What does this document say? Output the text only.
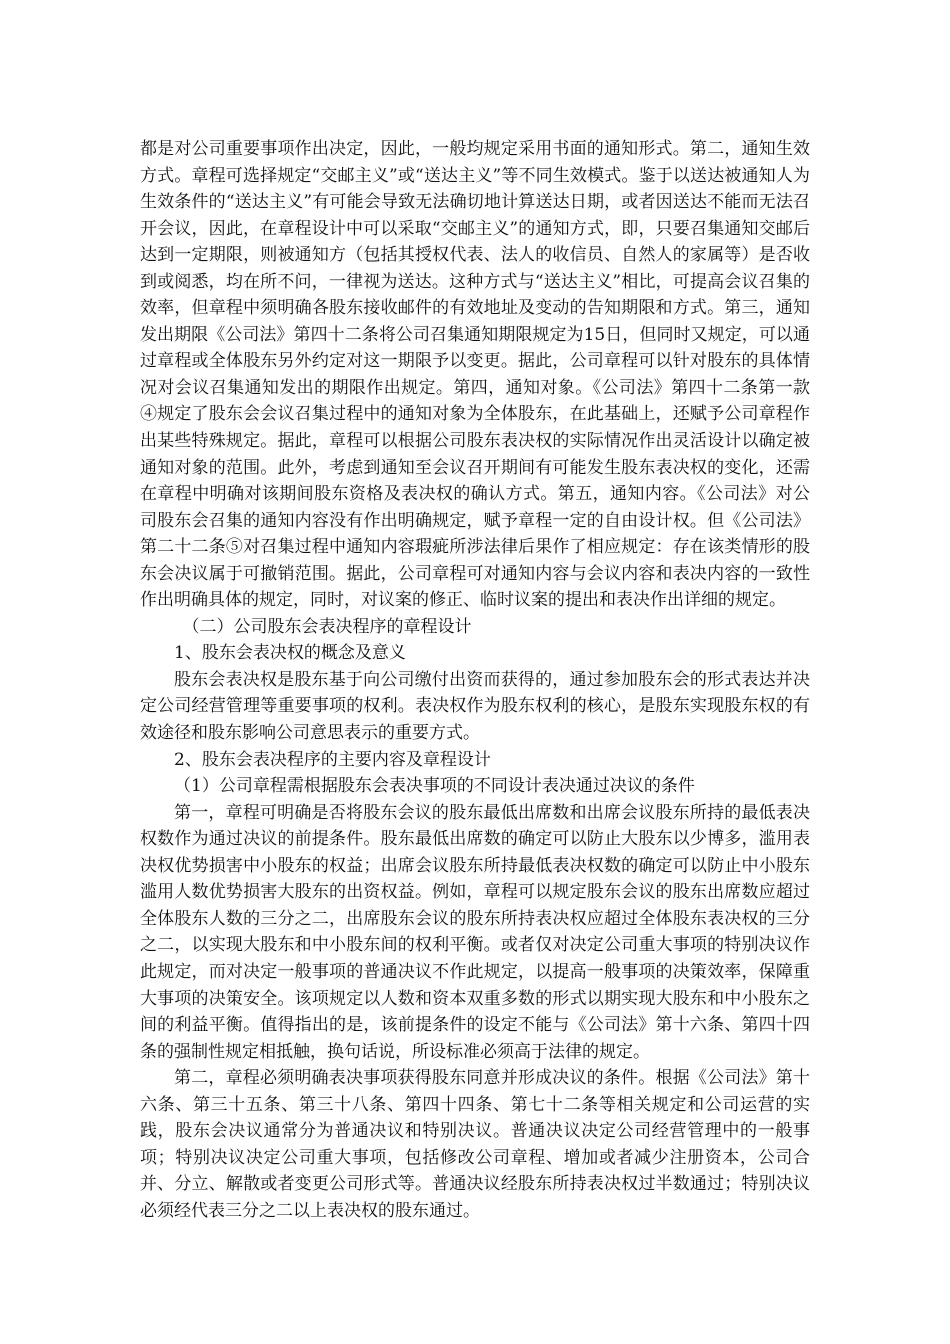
都是对公司重要事项作出决定，因此，一般均规定采用书面的通知形式。第二，通知生效方式。章程可选择规定“交邮主义”或“送达主义”等不同生效模式。鉴于以送达被通知人为生效条件的“送达主义”有可能会导致无法确切地计算送达日期，或者因送达不能而无法召开会议，因此，在章程设计中可以采取“交邮主义”的通知方式，即，只要召集通知交邮后达到一定期限，则被通知方（包括其授权代表、法人的收信员、自然人的家属等）是否收到或阅悉，均在所不问，一律视为送达。这种方式与“送达主义”相比，可提高会议召集的效率，但章程中须明确各股东接收邮件的有效地址及变动的告知期限和方式。第三，通知发出期限《公司法》第四十二条将公司召集通知期限规定为15日，但同时又规定，可以通过章程或全体股东另外约定对这一期限予以变更。据此，公司章程可以针对股东的具体情况对会议召集通知发出的期限作出规定。第四，通知对象。《公司法》第四十二条第一款④规定了股东会会议召集过程中的通知对象为全体股东，在此基础上，还赋予公司章程作出某些特殊规定。据此，章程可以根据公司股东表决权的实际情况作出灵活设计以确定被通知对象的范围。此外，考虑到通知至会议召开期间有可能发生股东表决权的变化，还需在章程中明确对该期间股东资格及表决权的确认方式。第五，通知内容。《公司法》对公司股东会召集的通知内容没有作出明确规定，赋予章程一定的自由设计权。但《公司法》第二十二条⑤对召集过程中通知内容瑕疵所涉法律后果作了相应规定：存在该类情形的股东会决议属于可撤销范围。据此，公司章程可对通知内容与会议内容和表决内容的一致性作出明确具体的规定，同时，对议案的修正、临时议案的提出和表决作出详细的规定。

（二）公司股东会表决程序的章程设计

1、股东会表决权的概念及意义

股东会表决权是股东基于向公司缴付出资而获得的，通过参加股东会的形式表达并决定公司经营管理等重要事项的权利。表决权作为股东权利的核心，是股东实现股东权的有效途径和股东影响公司意思表示的重要方式。

2、股东会表决程序的主要内容及章程设计

（1）公司章程需根据股东会表决事项的不同设计表决通过决议的条件

第一，章程可明确是否将股东会议的股东最低出席数和出席会议股东所持的最低表决权数作为通过决议的前提条件。股东最低出席数的确定可以防止大股东以少博多，滥用表决权优势损害中小股东的权益；出席会议股东所持最低表决权数的确定可以防止中小股东滥用人数优势损害大股东的出资权益。例如，章程可以规定股东会议的股东出席数应超过全体股东人数的三分之二，出席股东会议的股东所持表决权应超过全体股东表决权的三分之二，以实现大股东和中小股东间的权利平衡。或者仅对决定公司重大事项的特别决议作此规定，而对决定一般事项的普通决议不作此规定，以提高一般事项的决策效率，保障重大事项的决策安全。该项规定以人数和资本双重多数的形式以期实现大股东和中小股东之间的利益平衡。值得指出的是，该前提条件的设定不能与《公司法》第十六条、第四十四条的强制性规定相抵触，换句话说，所设标准必须高于法律的规定。

第二，章程必须明确表决事项获得股东同意并形成决议的条件。根据《公司法》第十六条、第三十五条、第三十八条、第四十四条、第七十二条等相关规定和公司运营的实践，股东会决议通常分为普通决议和特别决议。普通决议决定公司经营管理中的一般事项；特别决议决定公司重大事项，包括修改公司章程、增加或者减少注册资本，公司合并、分立、解散或者变更公司形式等。普通决议经股东所持表决权过半数通过；特别决议必须经代表三分之二以上表决权的股东通过。
